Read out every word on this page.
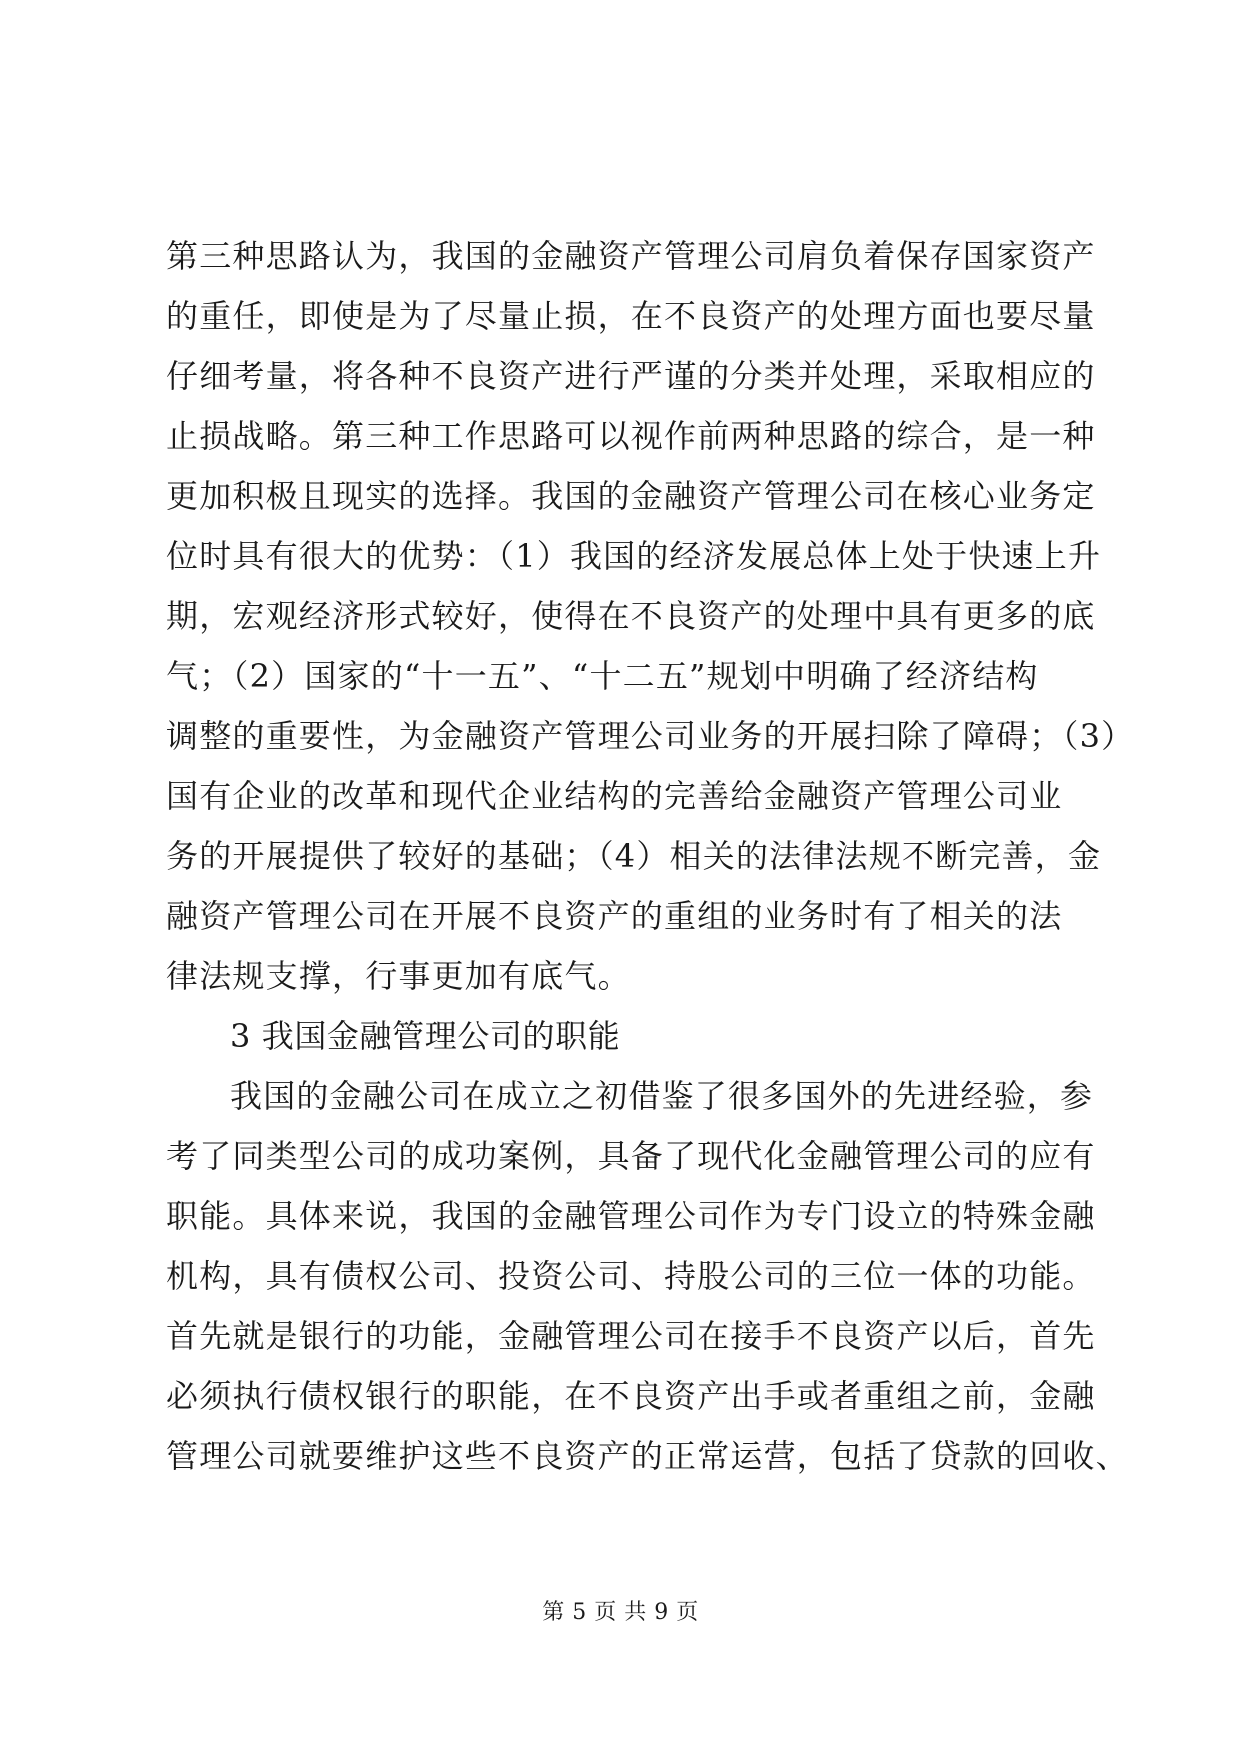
第三种思路认为，我国的金融资产管理公司肩负着保存国家资产
的重任，即使是为了尽量止损，在不良资产的处理方面也要尽量
仔细考量，将各种不良资产进行严谨的分类并处理，采取相应的
止损战略。第三种工作思路可以视作前两种思路的综合，是一种
更加积极且现实的选择。我国的金融资产管理公司在核心业务定
位时具有很大的优势：（1）我国的经济发展总体上处于快速上升
期，宏观经济形式较好，使得在不良资产的处理中具有更多的底
气；（2）国家的“十一五”、“十二五”规划中明确了经济结构
调整的重要性，为金融资产管理公司业务的开展扫除了障碍；（3）
国有企业的改革和现代企业结构的完善给金融资产管理公司业
务的开展提供了较好的基础；（4）相关的法律法规不断完善，金
融资产管理公司在开展不良资产的重组的业务时有了相关的法
律法规支撑，行事更加有底气。
3 我国金融管理公司的职能
我国的金融公司在成立之初借鉴了很多国外的先进经验，参
考了同类型公司的成功案例，具备了现代化金融管理公司的应有
职能。具体来说，我国的金融管理公司作为专门设立的特殊金融
机构，具有债权公司、投资公司、持股公司的三位一体的功能。
首先就是银行的功能，金融管理公司在接手不良资产以后，首先
必须执行债权银行的职能，在不良资产出手或者重组之前，金融
管理公司就要维护这些不良资产的正常运营，包括了贷款的回收、
第 5 页 共 9 页
